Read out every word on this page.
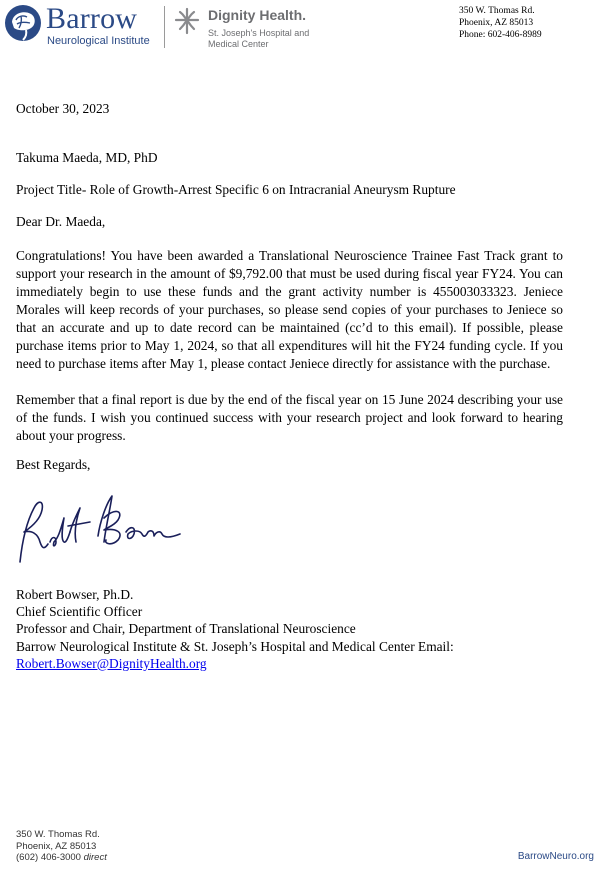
Barrow
Neurological Institute
Dignity Health.
St. Joseph's Hospital and
Medical Center
350 W. Thomas Rd.
Phoenix, AZ 85013
Phone: 602-406-8989

October 30, 2023

Takuma Maeda, MD, PhD

Project Title- Role of Growth-Arrest Specific 6 on Intracranial Aneurysm Rupture

Dear Dr. Maeda,

Congratulations! You have been awarded a Translational Neuroscience Trainee Fast Track grant to support your research in the amount of $9,792.00 that must be used during fiscal year FY24. You can immediately begin to use these funds and the grant activity number is 455003033323. Jeniece Morales will keep records of your purchases, so please send copies of your purchases to Jeniece so that an accurate and up to date record can be maintained (cc’d to this email). If possible, please purchase items prior to May 1, 2024, so that all expenditures will hit the FY24 funding cycle. If you need to purchase items after May 1, please contact Jeniece directly for assistance with the purchase.

Remember that a final report is due by the end of the fiscal year on 15 June 2024 describing your use of the funds. I wish you continued success with your research project and look forward to hearing about your progress.

Best Regards,

Robert Bowser, Ph.D.
Chief Scientific Officer
Professor and Chair, Department of Translational Neuroscience
Barrow Neurological Institute & St. Joseph’s Hospital and Medical Center Email:
Robert.Bowser@DignityHealth.org
350 W. Thomas Rd.
Phoenix, AZ 85013
(602) 406-3000 direct	BarrowNeuro.org
